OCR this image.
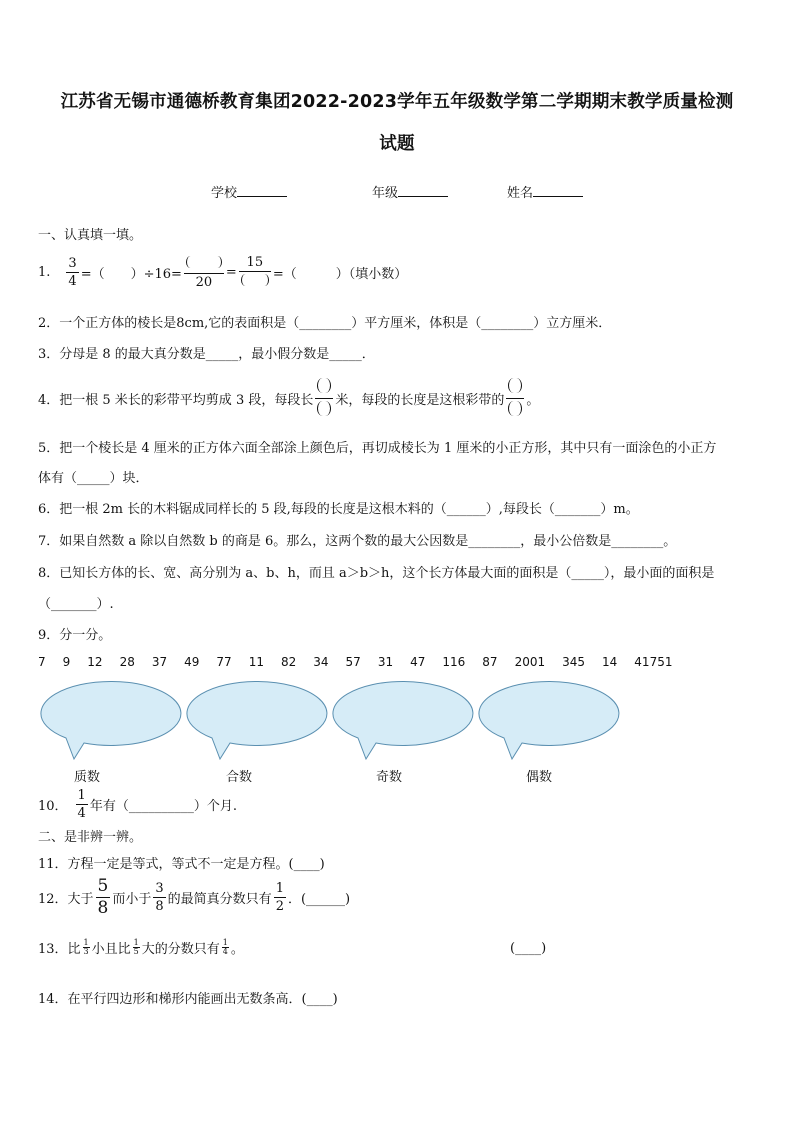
江苏省无锡市通德桥教育集团2022-2023学年五年级数学第二学期期末教学质量检测
试题
学校	年级	姓名
一、认真填一填。
1. $\frac{3}{4}$ =（　　）÷16=
20
=
15
=（　　　）（填小数）
2．一个正方体的棱长是8cm,它的表面积是（________）平方厘米，体积是（________）立方厘米．
3．分母是 8 的最大真分数是_____，最小假分数是_____．
4．把一根 5 米长的彩带平均剪成 3 段，每段长 米，每段的长度是这根彩带的 。
5．把一个棱长是 4 厘米的正方体六面全部涂上颜色后，再切成棱长为 1 厘米的小正方形，其中只有一面涂色的小正方
体有（_____）块．
6．把一根 2m 长的木料锯成同样长的 5 段,每段的长度是这根木料的（______）,每段长（_______）m。
7．如果自然数 a 除以自然数 b 的商是 6。那么，这两个数的最大公因数是________，最小公倍数是________。
8．已知长方体的长、宽、高分别为 a、b、h，而且 a＞b＞h，这个长方体最大面的面积是（_____），最小面的面积是
（_______）.
9．分一分。
7 9 12 28 37 49 77 11 82 34 57 31 47 116 87 2001 345 14 41751
质数	合数	奇数	偶数
10． $\frac{1}{4}$ 年有（__________）个月.
二、是非辨一辨。
11．方程一定是等式，等式不一定是方程。(____)
12．大于 $\frac{5}{8}$ 而小于 $\frac{3}{8}$ 的最简真分数只有 $\frac{1}{2}$ ．(______)
13．比 $\frac{1}{3}$ 小且比 $\frac{1}{5}$ 大的分数只有 $\frac{1}{4}$ 。	(____)
14．在平行四边形和梯形内能画出无数条高．(____)
